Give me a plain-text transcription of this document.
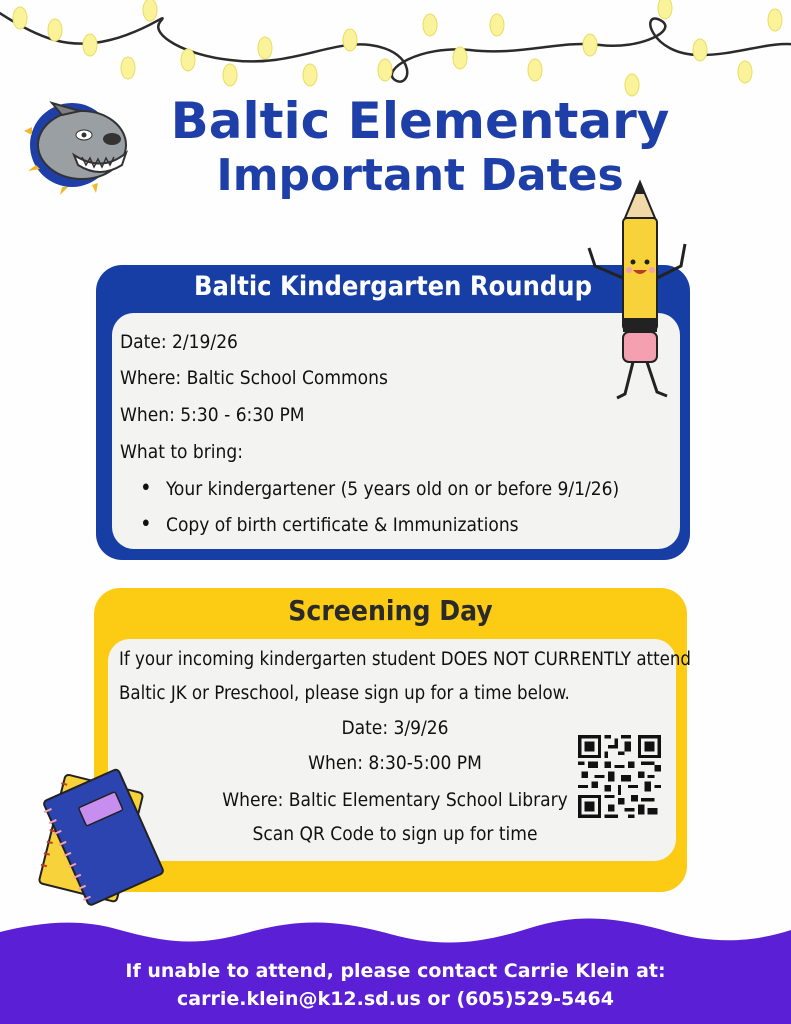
Baltic Elementary
Important Dates
Baltic Kindergarten Roundup
Date: 2/19/26
Where: Baltic School Commons
When: 5:30 - 6:30 PM
What to bring:
• Your kindergartener (5 years old on or before 9/1/26)
• Copy of birth certificate & Immunizations
Screening Day
If your incoming kindergarten student DOES NOT CURRENTLY attend
Baltic JK or Preschool, please sign up for a time below.
Date: 3/9/26
When: 8:30-5:00 PM
Where: Baltic Elementary School Library
Scan QR Code to sign up for time
If unable to attend, please contact Carrie Klein at:
carrie.klein@k12.sd.us or (605)529-5464
